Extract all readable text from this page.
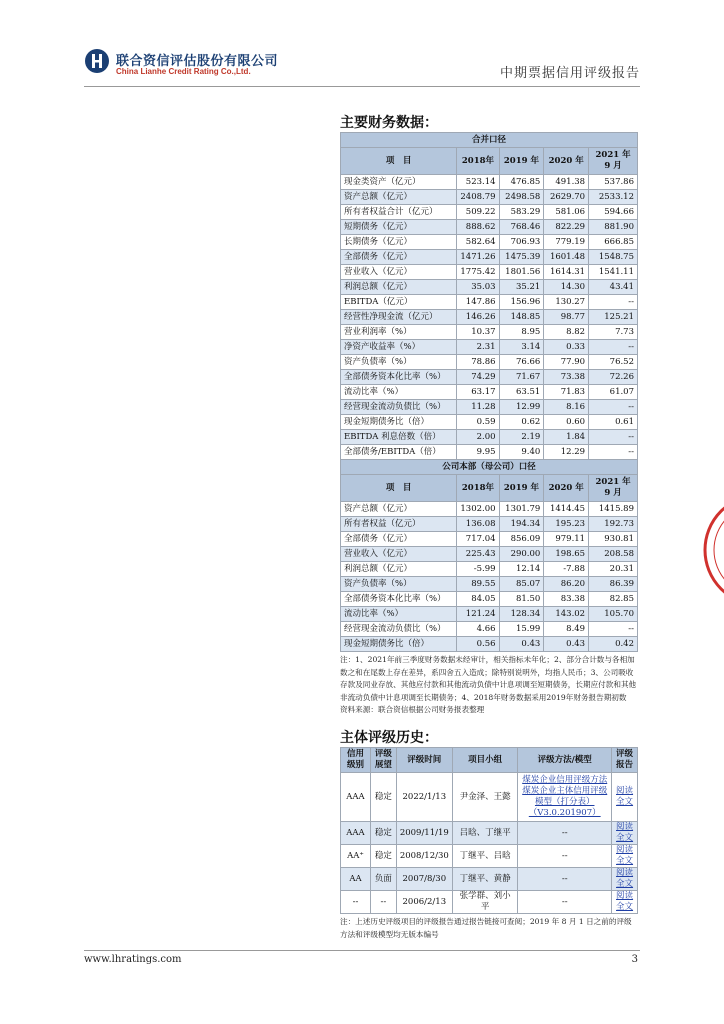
联合资信评估股份有限公司
China Lianhe Credit Rating Co.,Ltd.	中期票据信用评级报告
主要财务数据：
合并口径				
项　目	2018年	2019 年	2020 年	2021 年 9 月
现金类资产（亿元）	523.14	476.85	491.38	537.86
资产总额（亿元）	2408.79	2498.58	2629.70	2533.12
所有者权益合计（亿元）	509.22	583.29	581.06	594.66
短期债务（亿元）	888.62	768.46	822.29	881.90
长期债务（亿元）	582.64	706.93	779.19	666.85
全部债务（亿元）	1471.26	1475.39	1601.48	1548.75
营业收入（亿元）	1775.42	1801.56	1614.31	1541.11
利润总额（亿元）	35.03	35.21	14.30	43.41
EBITDA（亿元）	147.86	156.96	130.27	--
经营性净现金流（亿元）	146.26	148.85	98.77	125.21
营业利润率（%）	10.37	8.95	8.82	7.73
净资产收益率（%）	2.31	3.14	0.33	--
资产负债率（%）	78.86	76.66	77.90	76.52
全部债务资本化比率（%）	74.29	71.67	73.38	72.26
流动比率（%）	63.17	63.51	71.83	61.07
经营现金流动负债比（%）	11.28	12.99	8.16	--
现金短期债务比（倍）	0.59	0.62	0.60	0.61
EBITDA 利息倍数（倍）	2.00	2.19	1.84	--
全部债务/EBITDA（倍）	9.95	9.40	12.29	--
公司本部（母公司）口径				
项　目	2018年	2019 年	2020 年	2021 年 9 月
资产总额（亿元）	1302.00	1301.79	1414.45	1415.89
所有者权益（亿元）	136.08	194.34	195.23	192.73
全部债务（亿元）	717.04	856.09	979.11	930.81
营业收入（亿元）	225.43	290.00	198.65	208.58
利润总额（亿元）	-5.99	12.14	-7.88	20.31
资产负债率（%）	89.55	85.07	86.20	86.39
全部债务资本化比率（%）	84.05	81.50	83.38	82.85
流动比率（%）	121.24	128.34	143.02	105.70
经营现金流动负债比（%）	4.66	15.99	8.49	--
现金短期债务比（倍）	0.56	0.43	0.43	0.42
注：1、2021年前三季度财务数据未经审计，相关指标未年化；2、部分合计数与各相加数之和在尾数上存在差异，系四舍五入造成；除特别说明外，均指人民币；3、公司吸收存款及同业存放、其他应付款和其他流动负债中计息项调至短期债务，长期应付款和其他非流动负债中计息项调至长期债务；4、2018年财务数据采用2019年财务报告期初数
资料来源：联合资信根据公司财务报表整理
主体评级历史：
信用级别	评级展望	评级时间	项目小组	评级方法/模型	评级报告
AAA	稳定	2022/1/13	尹金泽、王懿	煤炭企业信用评级方法 煤炭企业主体信用评级模型（打分表）（V3.0.201907）	阅读全文
AAA	稳定	2009/11/19	吕晗、丁继平	--	阅读全文
AA⁺	稳定	2008/12/30	丁继平、吕晗	--	阅读全文
AA	负面	2007/8/30	丁继平、黄静	--	阅读全文
--	--	2006/2/13	张学群、刘小平	--	阅读全文
注：上述历史评级项目的评级报告通过报告链接可查阅；2019 年 8 月 1 日之前的评级方法和评级模型均无版本编号
www.lhratings.com	3
